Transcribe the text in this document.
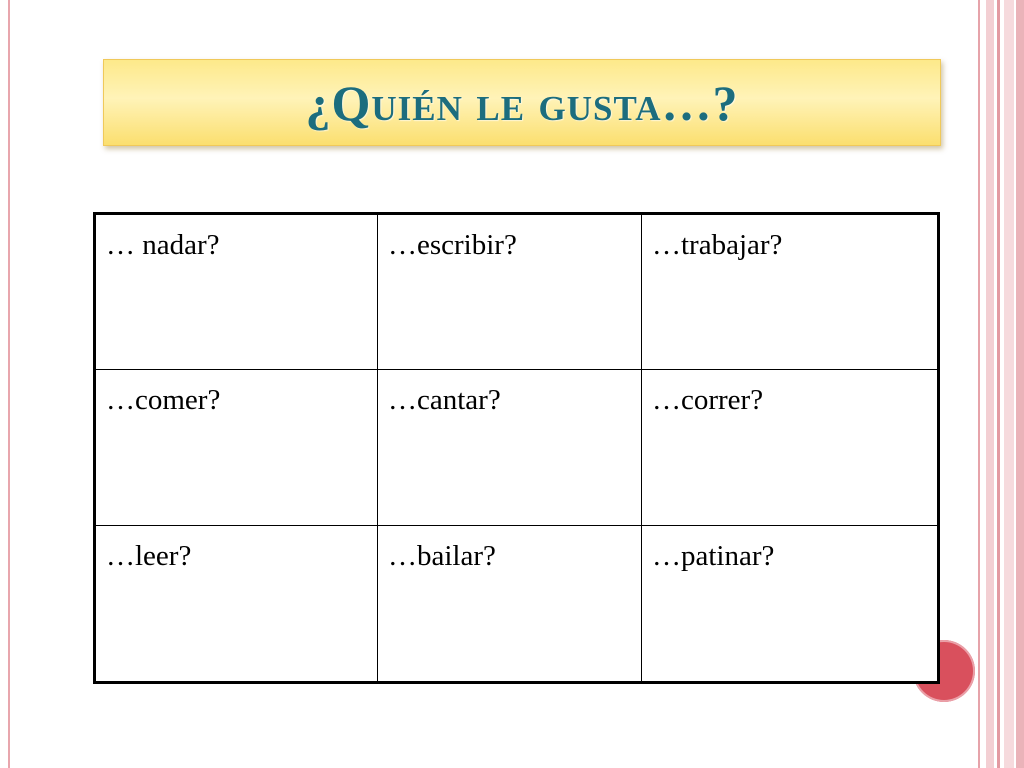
¿Quién le gusta…?
… nadar?	…escribir?	…trabajar?
…comer?	…cantar?	…correr?
…leer?	…bailar?	…patinar?
